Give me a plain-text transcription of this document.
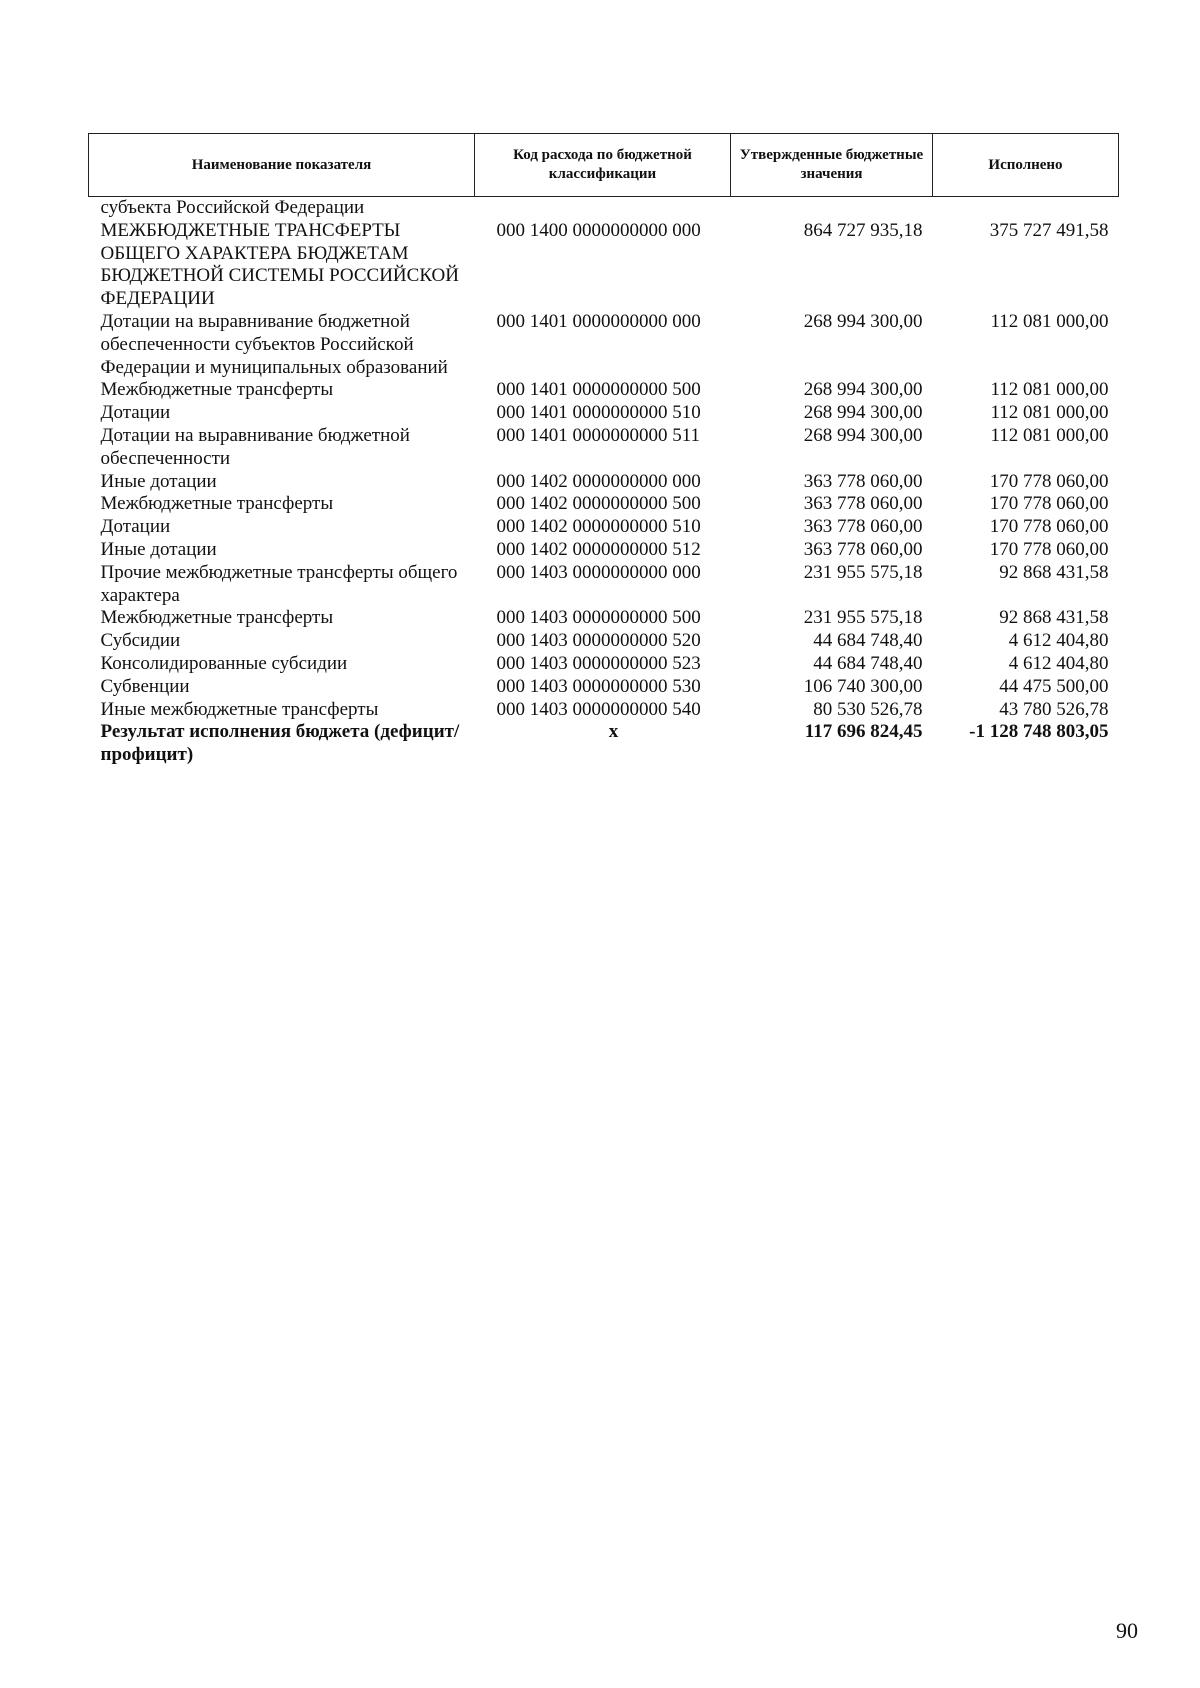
Наименование показателя	Код расхода по бюджетной классификации	Утвержденные бюджетные значения	Исполнено
субъекта Российской Федерации			
МЕЖБЮДЖЕТНЫЕ ТРАНСФЕРТЫ ОБЩЕГО ХАРАКТЕРА БЮДЖЕТАМ БЮДЖЕТНОЙ СИСТЕМЫ РОССИЙСКОЙ ФЕДЕРАЦИИ	000 1400 0000000000 000	864 727 935,18	375 727 491,58
Дотации на выравнивание бюджетной обеспеченности субъектов Российской Федерации и муниципальных образований	000 1401 0000000000 000	268 994 300,00	112 081 000,00
Межбюджетные трансферты	000 1401 0000000000 500	268 994 300,00	112 081 000,00
Дотации	000 1401 0000000000 510	268 994 300,00	112 081 000,00
Дотации на выравнивание бюджетной обеспеченности	000 1401 0000000000 511	268 994 300,00	112 081 000,00
Иные дотации	000 1402 0000000000 000	363 778 060,00	170 778 060,00
Межбюджетные трансферты	000 1402 0000000000 500	363 778 060,00	170 778 060,00
Дотации	000 1402 0000000000 510	363 778 060,00	170 778 060,00
Иные дотации	000 1402 0000000000 512	363 778 060,00	170 778 060,00
Прочие межбюджетные трансферты общего характера	000 1403 0000000000 000	231 955 575,18	92 868 431,58
Межбюджетные трансферты	000 1403 0000000000 500	231 955 575,18	92 868 431,58
Субсидии	000 1403 0000000000 520	44 684 748,40	4 612 404,80
Консолидированные субсидии	000 1403 0000000000 523	44 684 748,40	4 612 404,80
Субвенции	000 1403 0000000000 530	106 740 300,00	44 475 500,00
Иные межбюджетные трансферты	000 1403 0000000000 540	80 530 526,78	43 780 526,78
Результат исполнения бюджета (дефицит/профицит)	x	117 696 824,45	-1 128 748 803,05
90
